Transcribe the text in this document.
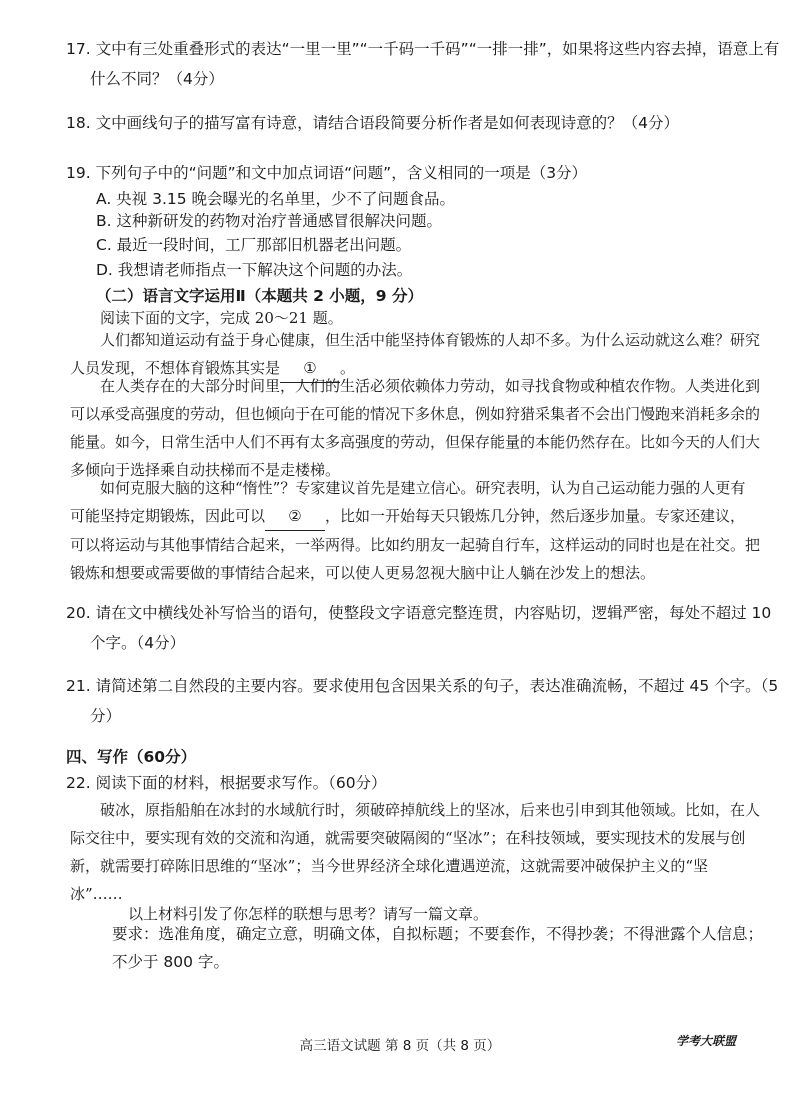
17. 文中有三处重叠形式的表达“一里一里”“一千码一千码”“一排一排”，如果将这些内容去掉，语意上有什么不同？（4分）
18. 文中画线句子的描写富有诗意，请结合语段简要分析作者是如何表现诗意的？（4分）
19. 下列句子中的“问题”和文中加点词语“问题”，含义相同的一项是（3分）
A. 央视 3.15 晚会曝光的名单里，少不了问题食品。
B. 这种新研发的药物对治疗普通感冒很解决问题。
C. 最近一段时间，工厂那部旧机器老出问题。
D. 我想请老师指点一下解决这个问题的办法。
（二）语言文字运用Ⅱ（本题共 2 小题，9 分）
阅读下面的文字，完成 20～21 题。
人们都知道运动有益于身心健康，但生活中能坚持体育锻炼的人却不多。为什么运动就这么难？研究人员发现，不想体育锻炼其实是 ① 。
在人类存在的大部分时间里，人们的生活必须依赖体力劳动，如寻找食物或种植农作物。人类进化到可以承受高强度的劳动，但也倾向于在可能的情况下多休息，例如狩猎采集者不会出门慢跑来消耗多余的能量。如今，日常生活中人们不再有太多高强度的劳动，但保存能量的本能仍然存在。比如今天的人们大多倾向于选择乘自动扶梯而不是走楼梯。
如何克服大脑的这种“惰性”？专家建议首先是建立信心。研究表明，认为自己运动能力强的人更有可能坚持定期锻炼，因此可以 ② ，比如一开始每天只锻炼几分钟，然后逐步加量。专家还建议，可以将运动与其他事情结合起来，一举两得。比如约朋友一起骑自行车，这样运动的同时也是在社交。把锻炼和想要或需要做的事情结合起来，可以使人更易忽视大脑中让人躺在沙发上的想法。
20. 请在文中横线处补写恰当的语句，使整段文字语意完整连贯，内容贴切，逻辑严密，每处不超过 10 个字。（4分）
21. 请简述第二自然段的主要内容。要求使用包含因果关系的句子，表达准确流畅，不超过 45 个字。（5分）
四、写作（60分）
22. 阅读下面的材料，根据要求写作。（60分）
破冰，原指船舶在冰封的水域航行时，须破碎掉航线上的坚冰，后来也引申到其他领域。比如，在人际交往中，要实现有效的交流和沟通，就需要突破隔阂的“坚冰”；在科技领域，要实现技术的发展与创新，就需要打碎陈旧思维的“坚冰”；当今世界经济全球化遭遇逆流，这就需要冲破保护主义的“坚冰”……
以上材料引发了你怎样的联想与思考？请写一篇文章。
要求：选准角度，确定立意，明确文体，自拟标题；不要套作，不得抄袭；不得泄露个人信息；不少于 800 字。
高三语文试题 第 8 页（共 8 页）	学考大联盟
